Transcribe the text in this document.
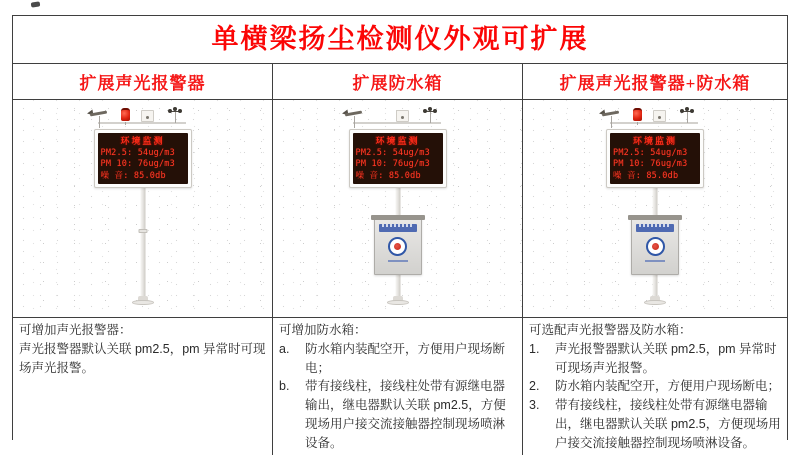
单横梁扬尘检测仪外观可扩展
扩展声光报警器	扩展防水箱	扩展声光报警器+防水箱
环境监测
PM2.5: 54ug/m3
PM 10: 76ug/m3
噪 音: 85.0db
环境监测
PM2.5: 54ug/m3
PM 10: 76ug/m3
噪 音: 85.0db
环境监测
PM2.5: 54ug/m3
PM 10: 76ug/m3
噪 音: 85.0db

可增加声光报警器：

声光报警器默认关联 pm2.5，pm 异常时可现场声光报警。

可增加防水箱：

a.	防水箱内装配空开，方便用户现场断电；
b.	带有接线柱，接线柱处带有源继电器输出，继电器默认关联 pm2.5，方便现场用户接交流接触器控制现场喷淋设备。

可选配声光报警器及防水箱：

1.	声光报警器默认关联 pm2.5，pm 异常时可现场声光报警。
2.	防水箱内装配空开，方便用户现场断电；
3.	带有接线柱，接线柱处带有源继电器输出，继电器默认关联 pm2.5，方便现场用户接交流接触器控制现场喷淋设备。
